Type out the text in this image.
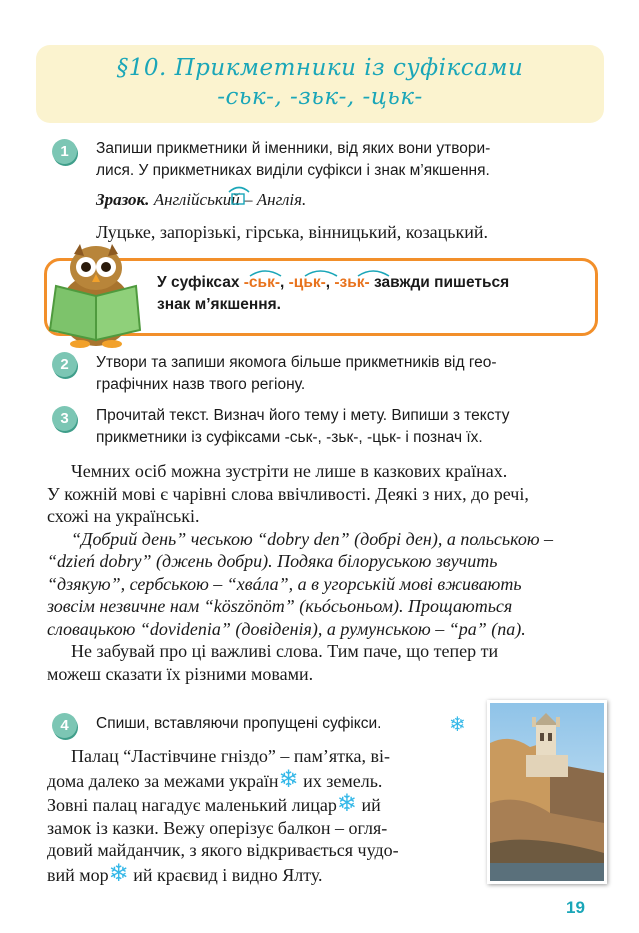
§10. Прикметники із суфіксами
-ськ-, -зьк-, -цьк-
1	Запиши прикметники й іменники, від яких вони утвори-
лися. У прикметниках виділи суфікси і знак м’якшення.
Зразок. Англійський – Англія.
Луцьке, запорізькі, гірська, вінницький, козацький.
У суфіксах -ськ-, -цьк-, -зьк- завжди пишеться
знак м’якшення.
2	Утвори та запиши якомога більше прикметників від гео-
графічних назв твого регіону.
3	Прочитай текст. Визнач його тему і мету. Випиши з тексту
прикметники із суфіксами -ськ-, -зьк-, -цьк- і познач їх.
Чемних осіб можна зустріти не лише в казкових країнах.
У кожній мові є чарівні слова ввічливості. Деякі з них, до речі,
схожі на українські.
“Добрий день” чеською “dobry den” (добрі ден), а польською –
“dzień dobry” (джень добри). Подяка білоруською звучить
“дзякую”, сербською – “хвáла”, а в угорській мові вживають
зовсім незвичне нам “köszönöm” (кьóсьоньом). Прощаються
словацькою “dovidenia” (довіденія), а румунською – “pa” (па).
Не забувай про ці важливі слова. Тим паче, що тепер ти
можеш сказати їх різними мовами.
4	Спиши, вставляючи пропущені суфікси.	❄
Палац “Ластівчине гніздо” – пам’ятка, ві-
дома далеко за межами україн❄ их земель.
Зовні палац нагадує маленький лицар❄ ий
замок із казки. Вежу оперізує балкон – огля-
довий майданчик, з якого відкривається чудо-
вий мор❄ ий краєвид і видно Ялту.
19
